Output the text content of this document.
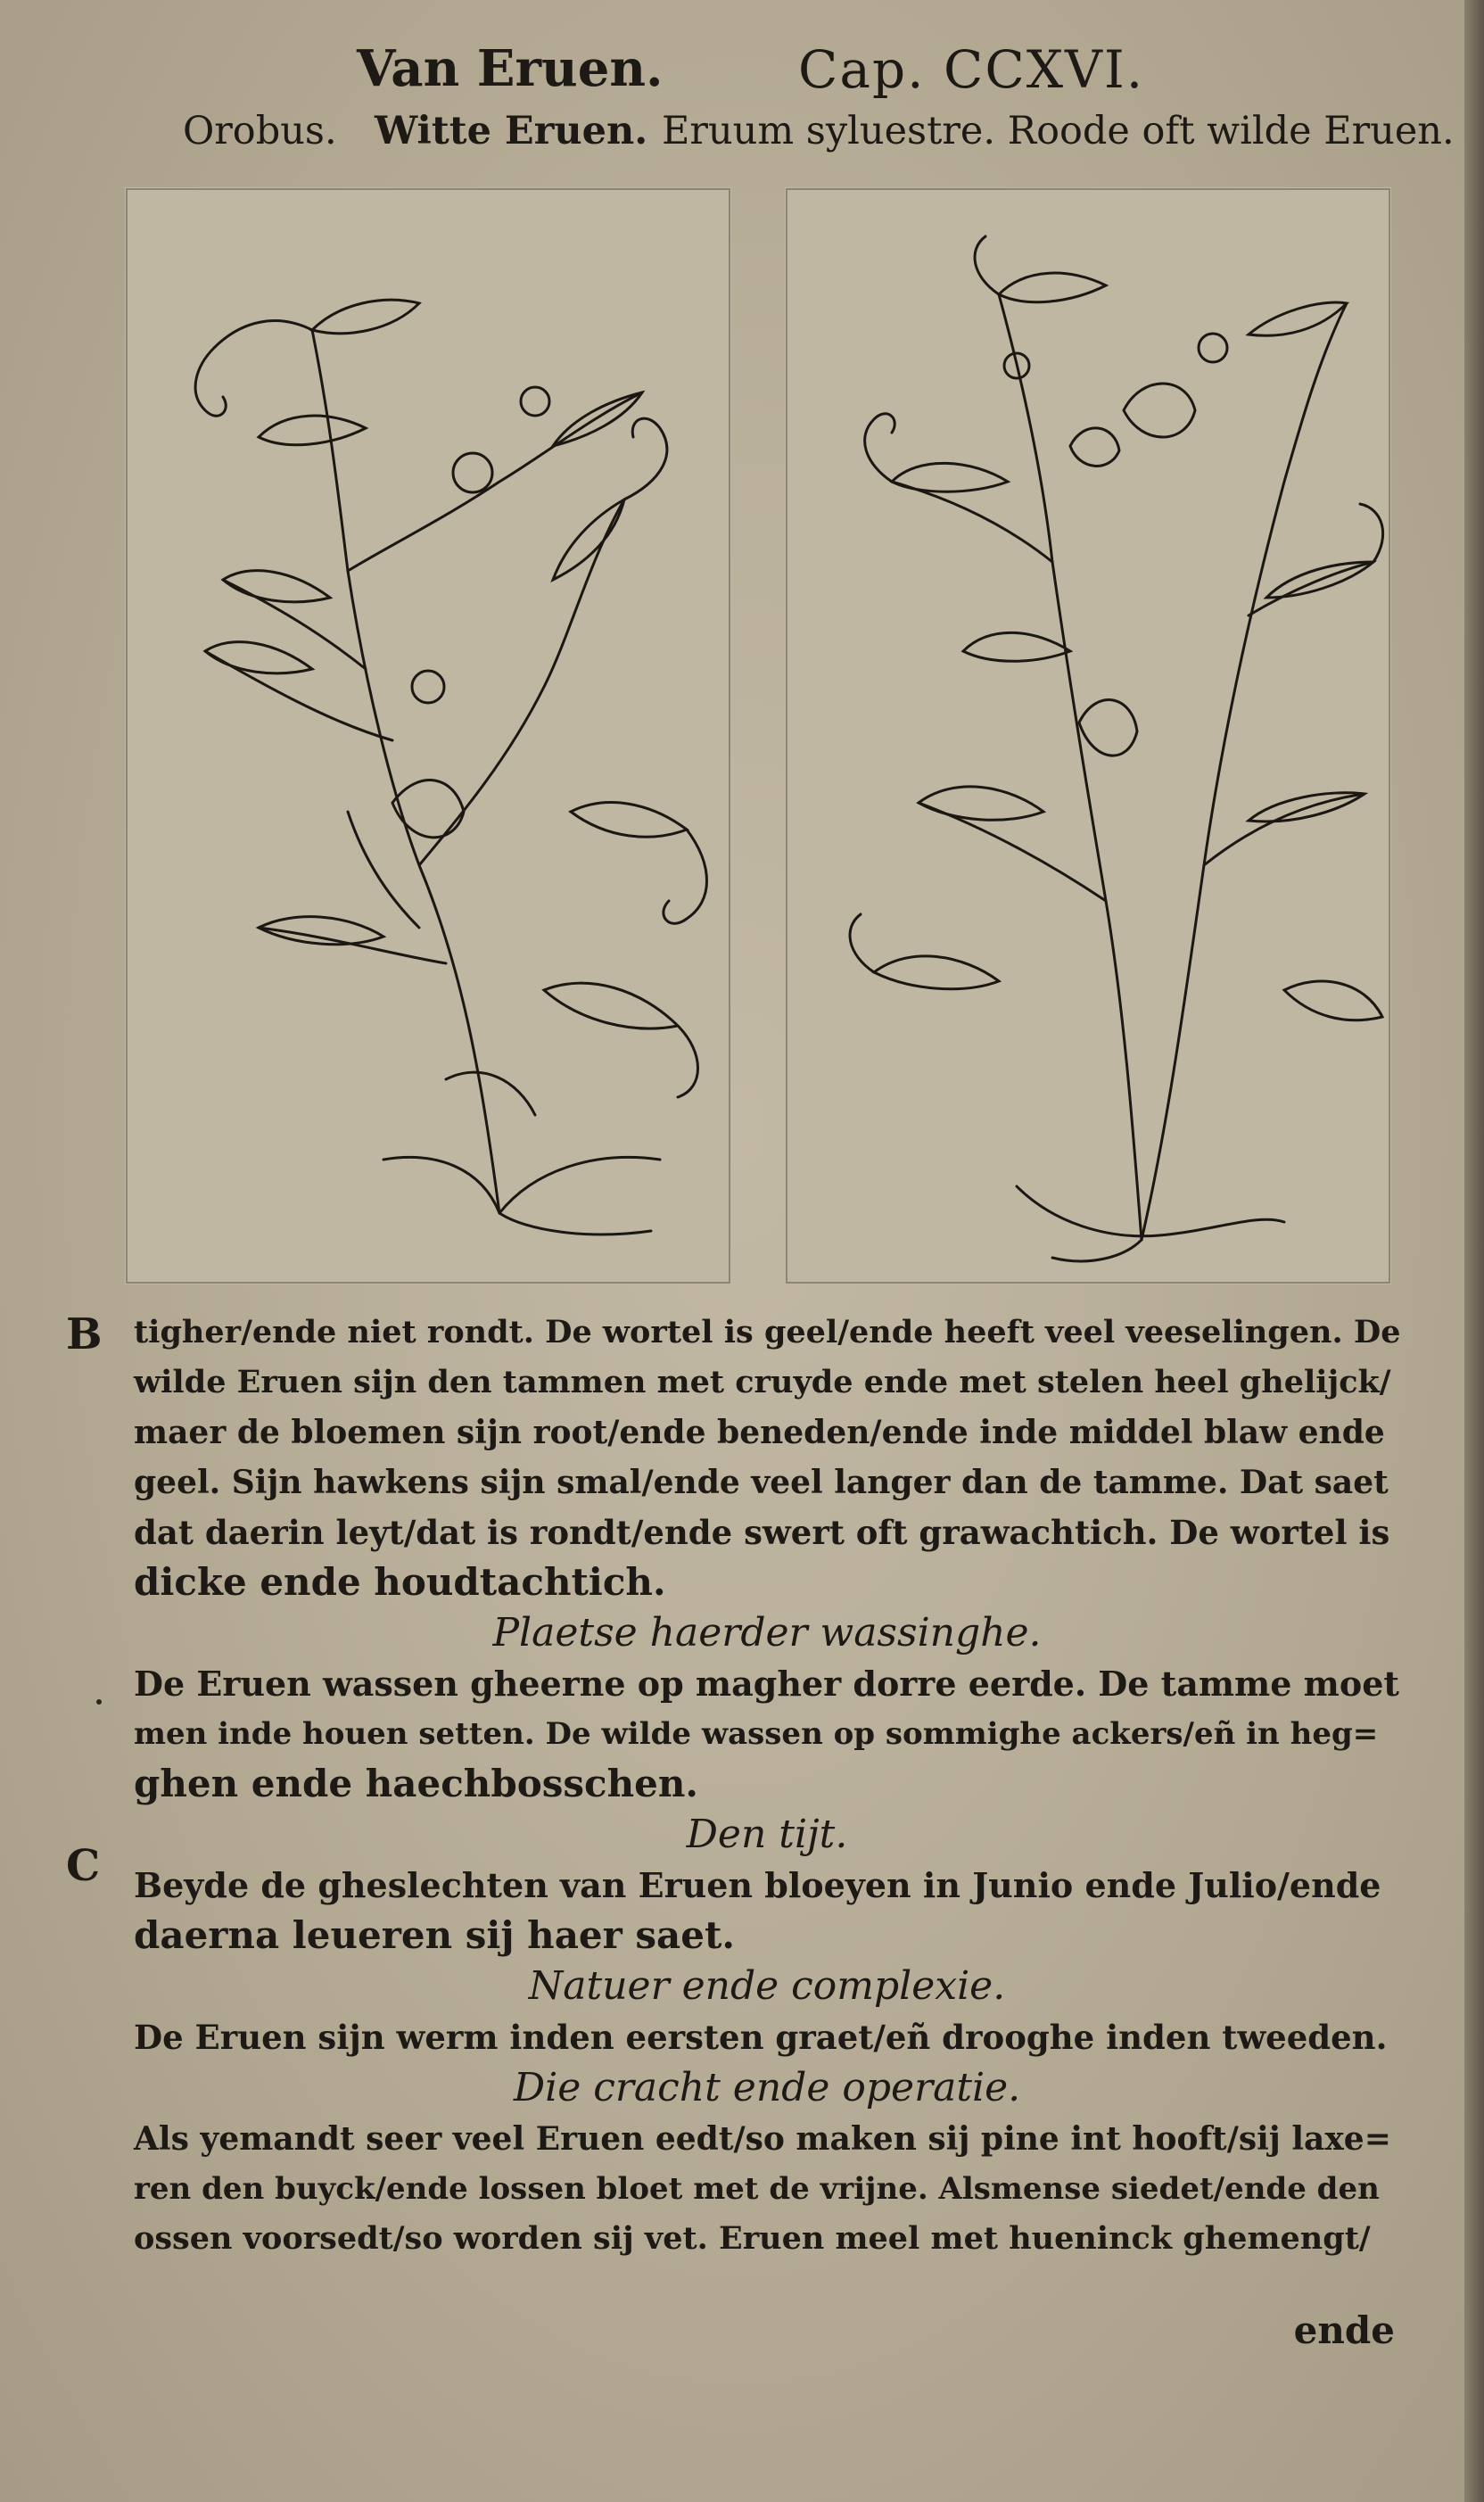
Van Eruen.	Cap. CCXVI.
Orobus. Witte Eruen. Eruum syluestre. Roode oft wilde Eruen.
B
C
tigher/ende niet rondt. De wortel is geel/ende heeft veel veeselingen. De
wilde Eruen sijn den tammen met cruyde ende met stelen heel ghelijck/
maer de bloemen sijn root/ende beneden/ende inde middel blaw ende
geel. Sijn hawkens sijn smal/ende veel langer dan de tamme. Dat saet
dat daerin leyt/dat is rondt/ende swert oft grawachtich. De wortel is
dicke ende houdtachtich.
Plaetse haerder wassinghe.
De Eruen wassen gheerne op magher dorre eerde. De tamme moet
men inde houen setten. De wilde wassen op sommighe ackers/eñ in heg=
ghen ende haechbosschen.
Den tijt.
Beyde de gheslechten van Eruen bloeyen in Junio ende Julio/ende
daerna leueren sij haer saet.
Natuer ende complexie.
De Eruen sijn werm inden eersten graet/eñ drooghe inden tweeden.
Die cracht ende operatie.
Als yemandt seer veel Eruen eedt/so maken sij pine int hooft/sij laxe=
ren den buyck/ende lossen bloet met de vrijne. Alsmense siedet/ende den
ossen voorsedt/so worden sij vet. Eruen meel met hueninck ghemengt/
ende
